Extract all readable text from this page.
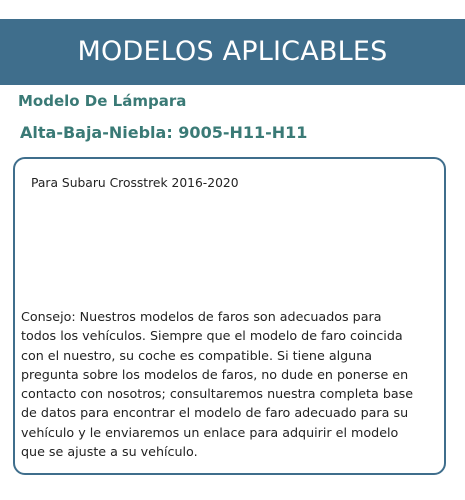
MODELOS APLICABLES
Modelo De Lámpara
Alta-Baja-Niebla: 9005-H11-H11
Para Subaru Crosstrek 2016-2020
Consejo: Nuestros modelos de faros son adecuados para todos los vehículos. Siempre que el modelo de faro coincida con el nuestro, su coche es compatible. Si tiene alguna pregunta sobre los modelos de faros, no dude en ponerse en contacto con nosotros; consultaremos nuestra completa base de datos para encontrar el modelo de faro adecuado para su vehículo y le enviaremos un enlace para adquirir el modelo que se ajuste a su vehículo.
